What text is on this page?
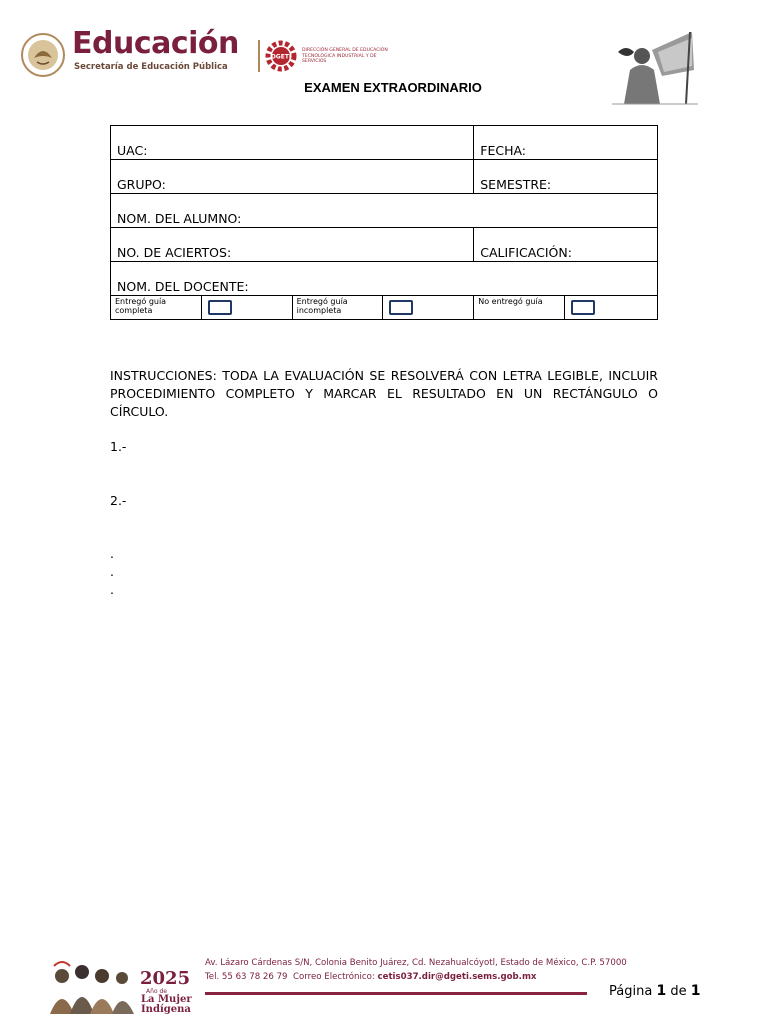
Educación
Secretaría de Educación Pública
DGETI
DIRECCIÓN GENERAL DE EDUCACIÓN TECNOLÓGICA INDUSTRIAL Y DE SERVICIOS
EXAMEN EXTRAORDINARIO
UAC:				FECHA:	
GRUPO:				SEMESTRE:	
NOM. DEL ALUMNO:					
NO. DE ACIERTOS:				CALIFICACIÓN:	
NOM. DEL DOCENTE:					
Entregó guía completa		Entregó guía incompleta		No entregó guía	
INSTRUCCIONES: TODA LA EVALUACIÓN SE RESOLVERÁ CON LETRA LEGIBLE, INCLUIR PROCEDIMIENTO COMPLETO Y MARCAR EL RESULTADO EN UN RECTÁNGULO O CÍRCULO.
1.-
2.-
.
.
.
2025
Año de
La Mujer
Indígena
Av. Lázaro Cárdenas S/N, Colonia Benito Juárez, Cd. Nezahualcóyotl, Estado de México, C.P. 57000
Tel. 55 63 78 26 79 Correo Electrónico: cetis037.dir@dgeti.sems.gob.mx
Página 1 de 1
